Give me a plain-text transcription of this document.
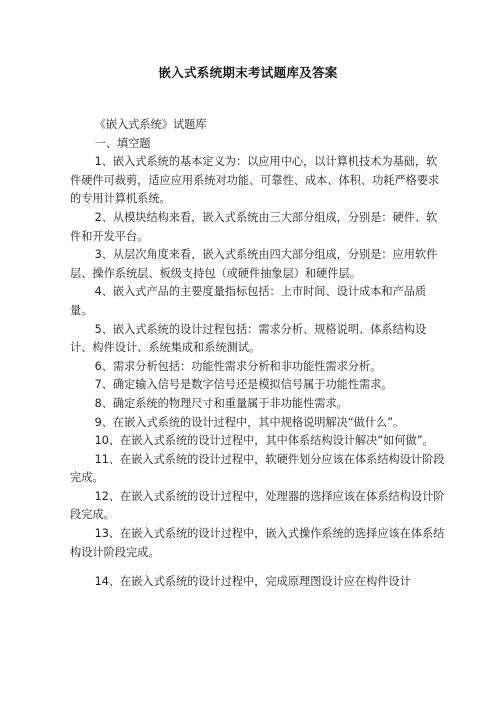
嵌入式系统期末考试题库及答案

《嵌入式系统》试题库

一、填空题

1、嵌入式系统的基本定义为：以应用中心，以计算机技术为基础，软件硬件可裁剪，适应应用系统对功能、可靠性、成本、体积、功耗严格要求的专用计算机系统。

2、从模块结构来看，嵌入式系统由三大部分组成，分别是：硬件、软件和开发平台。

3、从层次角度来看，嵌入式系统由四大部分组成，分别是：应用软件层、操作系统层、板级支持包（或硬件抽象层）和硬件层。

4、嵌入式产品的主要度量指标包括：上市时间、设计成本和产品质量。

5、嵌入式系统的设计过程包括：需求分析、规格说明、体系结构设计、构件设计、系统集成和系统测试。

6、需求分析包括：功能性需求分析和非功能性需求分析。

7、确定输入信号是数字信号还是模拟信号属于功能性需求。

8、确定系统的物理尺寸和重量属于非功能性需求。

9、在嵌入式系统的设计过程中，其中规格说明解决“做什么”。

10、在嵌入式系统的设计过程中，其中体系结构设计解决“如何做”。

11、在嵌入式系统的设计过程中，软硬件划分应该在体系结构设计阶段完成。

12、在嵌入式系统的设计过程中，处理器的选择应该在体系结构设计阶段完成。

13、在嵌入式系统的设计过程中，嵌入式操作系统的选择应该在体系结构设计阶段完成。

14、在嵌入式系统的设计过程中，完成原理图设计应在构件设计
